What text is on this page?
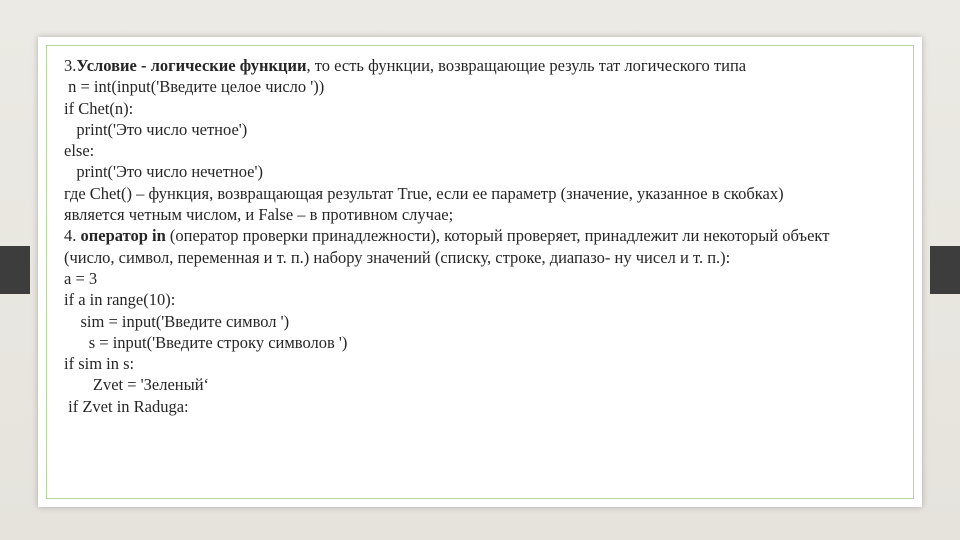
3.Условие - логические функции, то есть функции, возвращающие резуль тат логического типа
n = int(input('Введите целое число '))
if Chet(n):
print('Это число четное')
else:
print('Это число нечетное')
где Chet() – функция, возвращающая результат True, если ее параметр (значение, указанное в скобках)
является четным числом, и False – в противном случае;
4. оператор in (оператор проверки принадлежности), который проверяет, принадлежит ли некоторый объект
(число, символ, переменная и т. п.) набору значений (списку, строке, диапазо- ну чисел и т. п.):
a = 3
if a in range(10):
sim = input('Введите символ ')
s = input('Введите строку символов ')
if sim in s:
Zvet = 'Зеленый‘
if Zvet in Raduga:
